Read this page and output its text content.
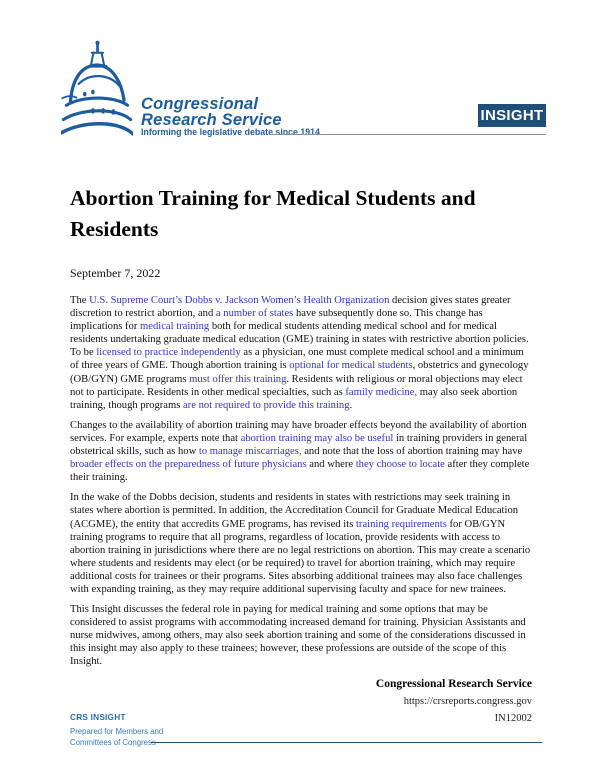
Congressional
Research Service
Informing the legislative debate since 1914
INSIGHT
Abortion Training for Medical Students and Residents
September 7, 2022

The U.S. Supreme Court’s Dobbs v. Jackson Women’s Health Organization decision gives states greater discretion to restrict abortion, and a number of states have subsequently done so. This change has implications for medical training both for medical students attending medical school and for medical residents undertaking graduate medical education (GME) training in states with restrictive abortion policies. To be licensed to practice independently as a physician, one must complete medical school and a minimum of three years of GME. Though abortion training is optional for medical students, obstetrics and gynecology (OB/GYN) GME programs must offer this training. Residents with religious or moral objections may elect not to participate. Residents in other medical specialties, such as family medicine, may also seek abortion training, though programs are not required to provide this training.

Changes to the availability of abortion training may have broader effects beyond the availability of abortion services. For example, experts note that abortion training may also be useful in training providers in general obstetrical skills, such as how to manage miscarriages, and note that the loss of abortion training may have broader effects on the preparedness of future physicians and where they choose to locate after they complete their training.

In the wake of the Dobbs decision, students and residents in states with restrictions may seek training in states where abortion is permitted. In addition, the Accreditation Council for Graduate Medical Education (ACGME), the entity that accredits GME programs, has revised its training requirements for OB/GYN training programs to require that all programs, regardless of location, provide residents with access to abortion training in jurisdictions where there are no legal restrictions on abortion. This may create a scenario where students and residents may elect (or be required) to travel for abortion training, which may require additional costs for trainees or their programs. Sites absorbing additional trainees may also face challenges with expanding training, as they may require additional supervising faculty and space for new trainees.

This Insight discusses the federal role in paying for medical training and some options that may be considered to assist programs with accommodating increased demand for training. Physician Assistants and nurse midwives, among others, may also seek abortion training and some of the considerations discussed in this insight may also apply to these trainees; however, these professions are outside of the scope of this Insight.

Congressional Research Service
https://crsreports.congress.gov
IN12002
CRS INSIGHT
Prepared for Members and
Committees of Congress
